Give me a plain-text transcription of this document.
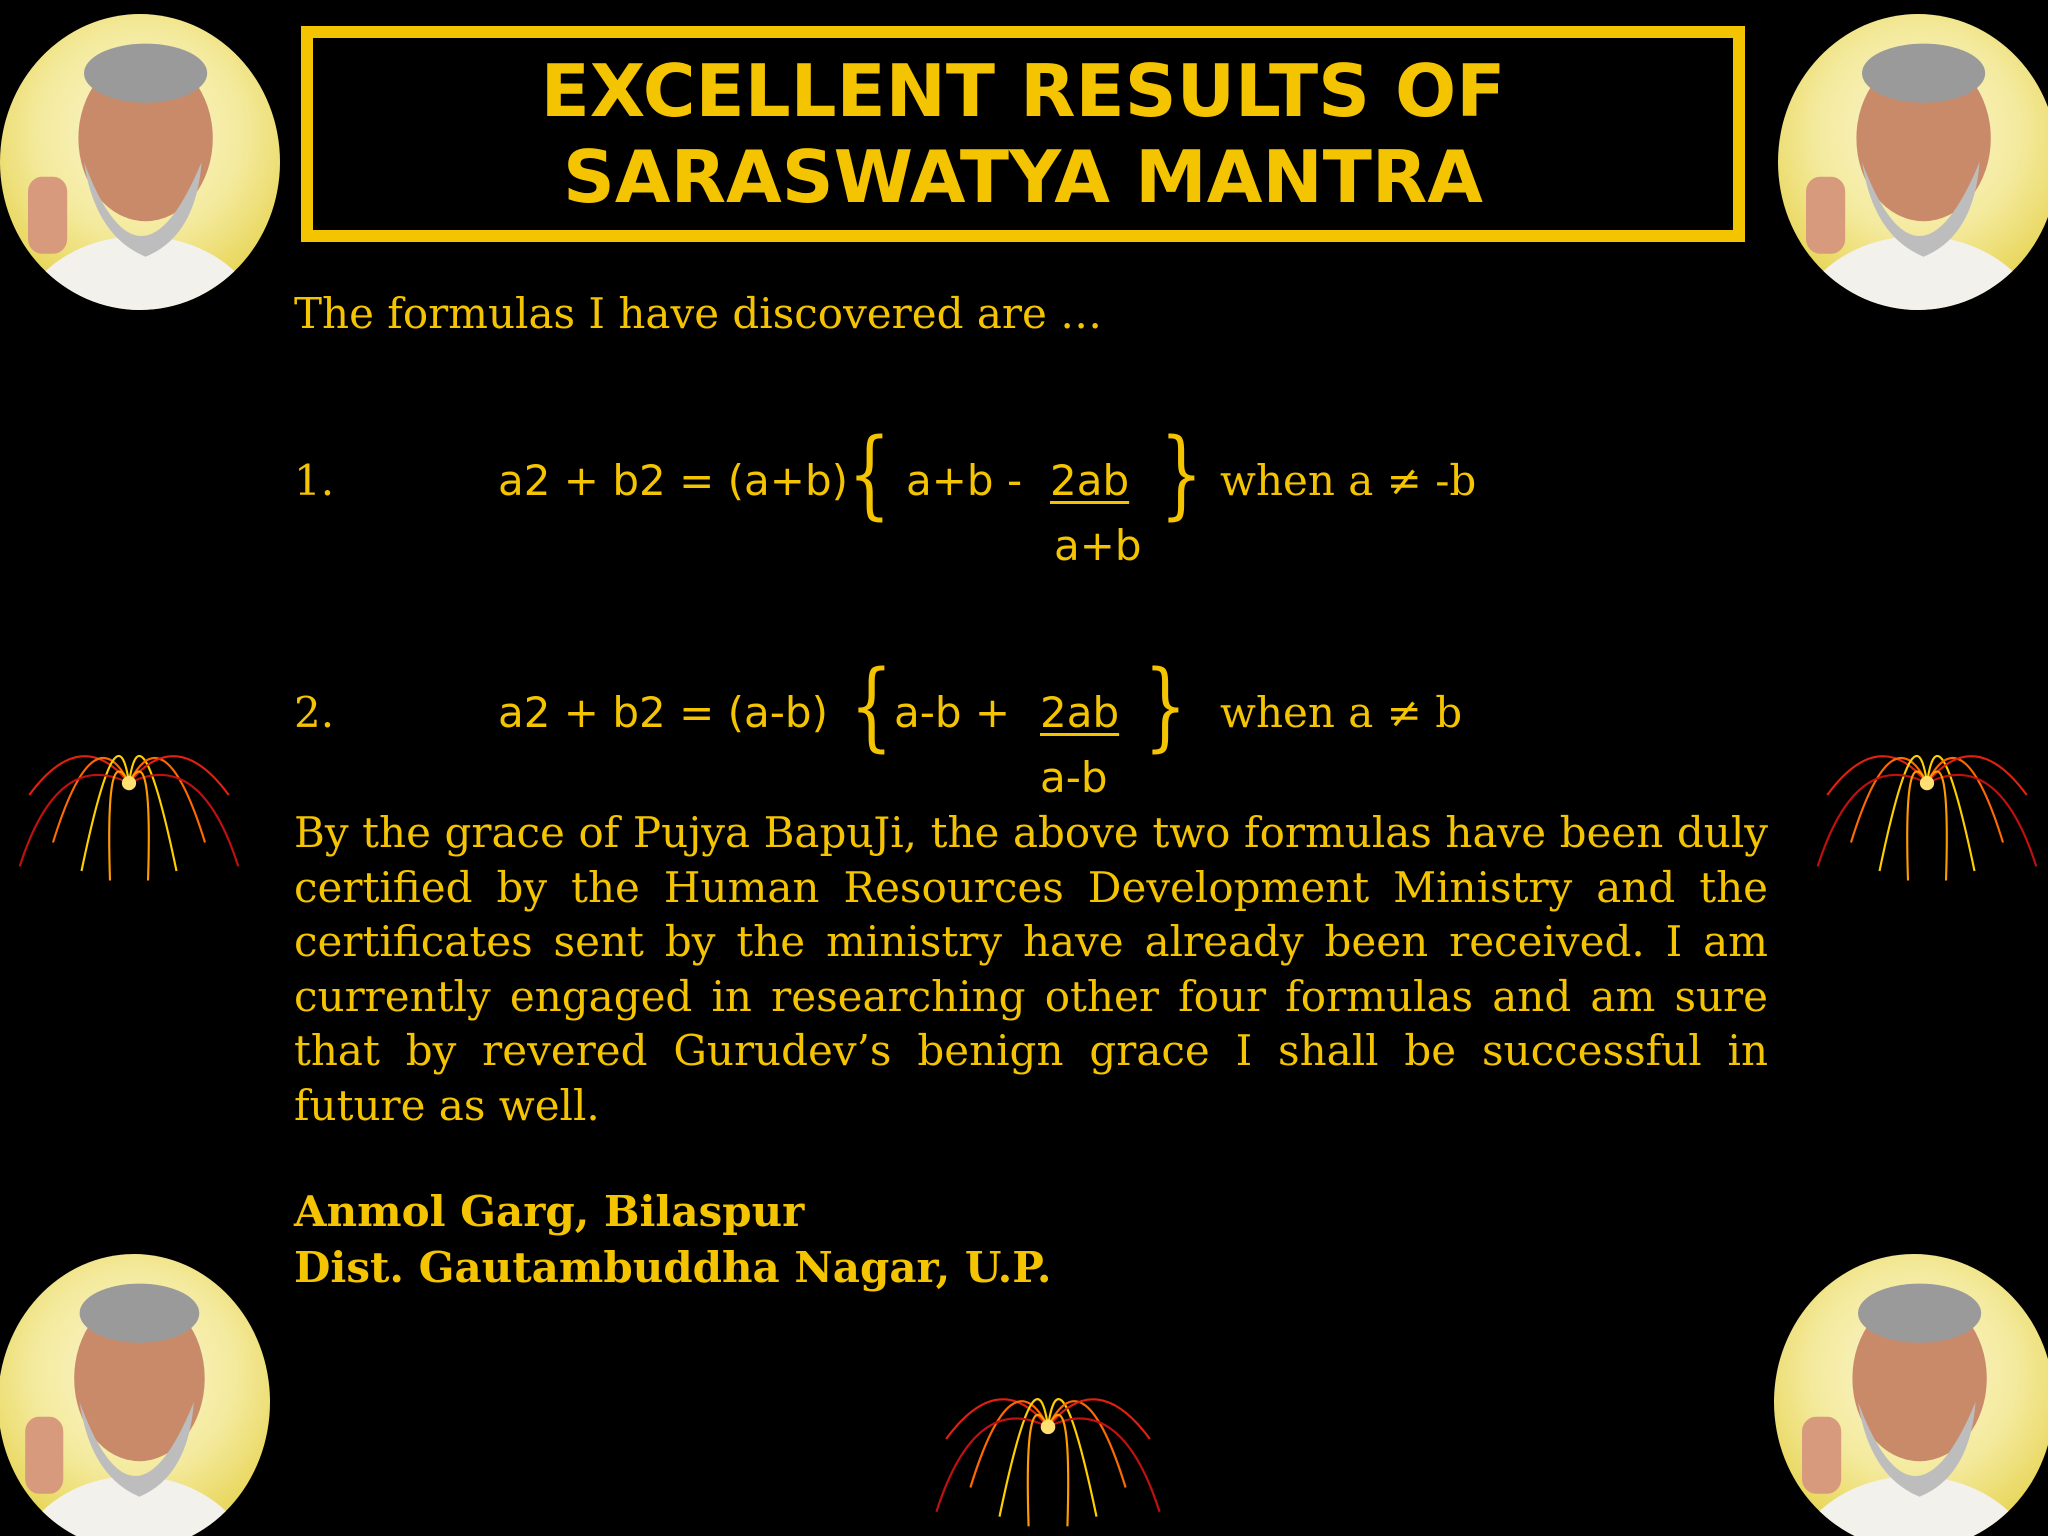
EXCELLENT RESULTS OF
SARASWATYA MANTRA
The formulas I have discovered are …
1.	a2 + b2 = (a+b) { a+b - 2ab
a+b
} when a ≠ -b
2.	a2 + b2 = (a-b) { a-b + 2ab
a-b
} when a ≠ b
By the grace of Pujya BapuJi, the above two formulas have been duly certified by the Human Resources Development Ministry and the certificates sent by the ministry have already been received. I am currently engaged in researching other four formulas and am sure that by revered Gurudev’s benign grace I shall be successful in future as well.
Anmol Garg, Bilaspur
Dist. Gautambuddha Nagar, U.P.
